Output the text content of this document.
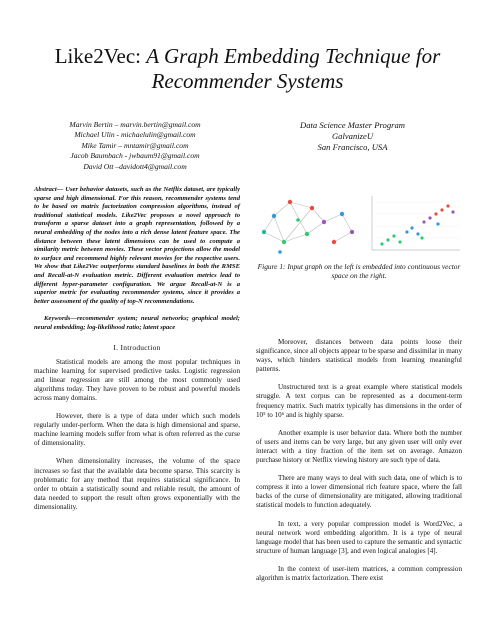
Like2Vec: A Graph Embedding Technique for
Recommender Systems
Marvin Bertin – marvin.bertin@gmail.com
Michael Ulin - michaelulin@gmail.com
Mike Tamir – mntamir@gmail.com
Jacob Baumbach - jwbaum91@gmail.com
David Ott –davidott4@gmail.com
Data Science Master Program
GalvanizeU
San Francisco, USA

Abstract— User behavior datasets, such as the Netflix dataset, are typically sparse and high dimensional. For this reason, recommender systems tend to be based on matrix factorization compression algorithms, instead of traditional statistical models. Like2Vec proposes a novel approach to transform a sparse dataset into a graph representation, followed by a neural embedding of the nodes into a rich dense latent feature space. The distance between these latent dimensions can be used to compute a similarity metric between movies. These vector projections allow the model to surface and recommend highly relevant movies for the respective users. We show that Like2Vec outperforms standard baselines in both the RMSE and Recall-at-N evaluation metric. Different evaluation metrics lead to different hyper-parameter configuration. We argue Recall-at-N is a superior metric for evaluating recommender systems, since it provides a better assessment of the quality of top-N recommendations.

Keywords—recommender system; neural networks; graphical model; neural embedding; log-likelihood ratio; latent space

I. Introduction

Statistical models are among the most popular techniques in machine learning for supervised predictive tasks. Logistic regression and linear regression are still among the most commonly used algorithms today. They have proven to be robust and powerful models across many domains.

However, there is a type of data under which such models regularly under-perform. When the data is high dimensional and sparse, machine learning models suffer from what is often referred as the curse of dimensionality.

When dimensionality increases, the volume of the space increases so fast that the available data become sparse. This scarcity is problematic for any method that requires statistical significance. In order to obtain a statistically sound and reliable result, the amount of data needed to support the result often grows exponentially with the dimensionality.

Figure 1: Input graph on the left is embedded into continuous vector space on the right.

Moreover, distances between data points loose their significance, since all objects appear to be sparse and dissimilar in many ways, which hinders statistical models from learning meaningful patterns.

Unstructured text is a great example where statistical models struggle. A text corpus can be represented as a document-term frequency matrix. Such matrix typically has dimensions in the order of 10⁵ to 10⁶ and is highly sparse.

Another example is user behavior data. Where both the number of users and items can be very large, but any given user will only ever interact with a tiny fraction of the item set on average. Amazon purchase history or Netflix viewing history are such type of data.

There are many ways to deal with such data, one of which is to compress it into a lower dimensional rich feature space, where the fall backs of the curse of dimensionality are mitigated, allowing traditional statistical models to function adequately.

In text, a very popular compression model is Word2Vec, a neural network word embedding algorithm. It is a type of neural language model that has been used to capture the semantic and syntactic structure of human language [3], and even logical analogies [4].

In the context of user-item matrices, a common compression algorithm is matrix factorization. There exist
